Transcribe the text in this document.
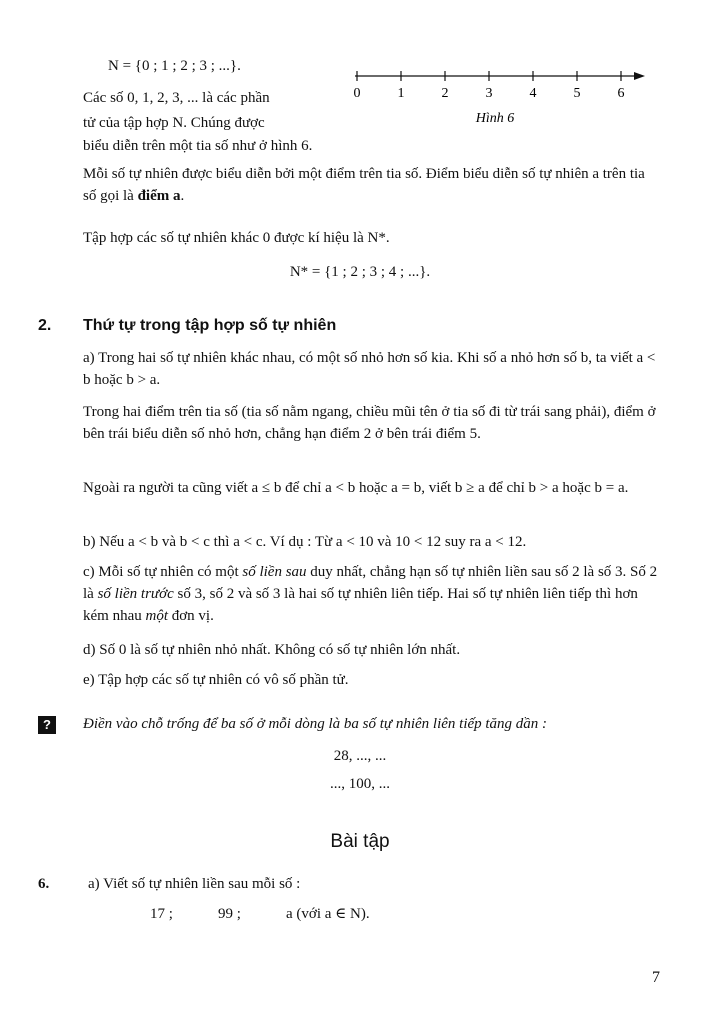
N = {0 ; 1 ; 2 ; 3 ; ...}.
Các số 0, 1, 2, 3, ... là các phần
tử của tập hợp N. Chúng được
biểu diễn trên một tia số như ở hình 6.
0	1	2	3	4	5	6
Hình 6

Mỗi số tự nhiên được biểu diễn bởi một điểm trên tia số. Điểm biểu diễn số tự nhiên a trên tia số gọi là điểm a.

Tập hợp các số tự nhiên khác 0 được kí hiệu là N*.

N* = {1 ; 2 ; 3 ; 4 ; ...}.
2. Thứ tự trong tập hợp số tự nhiên

a) Trong hai số tự nhiên khác nhau, có một số nhỏ hơn số kia. Khi số a nhỏ hơn số b, ta viết a < b hoặc b > a.

Trong hai điểm trên tia số (tia số nằm ngang, chiều mũi tên ở tia số đi từ trái sang phải), điểm ở bên trái biểu diễn số nhỏ hơn, chẳng hạn điểm 2 ở bên trái điểm 5.

Ngoài ra người ta cũng viết a ≤ b để chỉ a < b hoặc a = b, viết b ≥ a để chỉ b > a hoặc b = a.

b) Nếu a < b và b < c thì a < c. Ví dụ : Từ a < 10 và 10 < 12 suy ra a < 12.

c) Mỗi số tự nhiên có một số liền sau duy nhất, chẳng hạn số tự nhiên liền sau số 2 là số 3. Số 2 là số liền trước số 3, số 2 và số 3 là hai số tự nhiên liên tiếp. Hai số tự nhiên liên tiếp thì hơn kém nhau một đơn vị.

d) Số 0 là số tự nhiên nhỏ nhất. Không có số tự nhiên lớn nhất.

e) Tập hợp các số tự nhiên có vô số phần tử.

?	Điền vào chỗ trống để ba số ở mỗi dòng là ba số tự nhiên liên tiếp tăng dần :

28, ..., ...
..., 100, ...
Bài tập
6.	a) Viết số tự nhiên liền sau mỗi số :
17 ;	99 ;	a (với a ∈ N).
7
